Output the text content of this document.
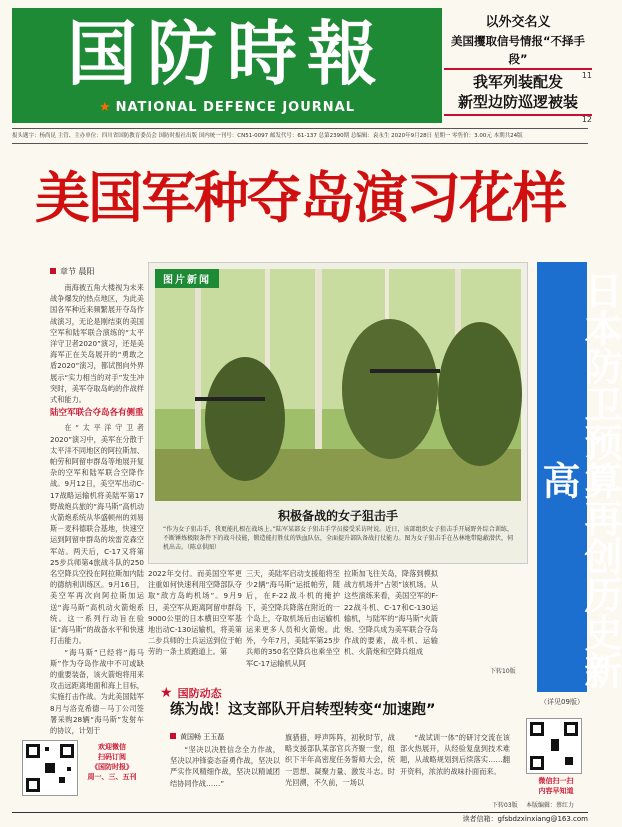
国防時報
★ NATIONAL DEFENCE JOURNAL
以外交名义
美国攫取信号情报“不择手段”
11
我军列装配发
新型边防巡逻被装
12
报头题字：杨尚昆 主管、主办单位：四川省国防教育委员会 国防时报社出版 国内统一刊号：CN51-0097 邮发代号：61-137 总第2390期 总编辑：袁永生 2020年9月28日 星期一 零售价：3.00元 本期共24版
美国军种夺岛演习花样
章节 晨阳

南海被五角大楼视为未来战争爆发的热点地区，为此美国各军种近来频繁展开夺岛作战演习，无论是刚结束的美国空军和陆军联合演练的“太平洋守卫者2020”演习，还是美海军正在关岛展开的“勇敢之盾2020”演习，都试图向外界展示“实力相当的对手”发生冲突时，美军夺取岛屿的作战样式和能力。

陆空军联合夺岛各有侧重

在“太平洋守卫者2020”演习中，美军在分散于太平洋不同地区的阿拉斯加、帕劳和阿留申群岛等地展开复杂的空军和陆军联合空降作战。9月12日，美空军出动C-17战略运输机将美陆军第17野战炮兵旅的“海马斯”高机动火箭炮系统从华盛顿州的刘易斯－麦科德联合基地，快速空运到阿留申群岛的埃雷克森空军站。两天后，C-17又将第25步兵师第4旅战斗队的250名空降兵空投在阿拉斯加内陆的德纳利训练区。9月16日，美空军再次向阿拉斯加运送“海马斯”高机动火箭炮系统。这一系列行动旨在验证“海马斯”的战备水平和快速打击能力。

“海马斯”已经将“海马斯”作为夺岛作战中不可或缺的重要装备，该火箭炮将用来攻击远距离地面和海上目标，实施打击作战。为此美国陆军8月与洛克希德－马丁公司签署采购28辆“海马斯”发射车的协议，计划于

图片新闻
积极备战的女子狙击手
“作为女子狙击手，我更能扎根在战场上。”陆军某部女子狙击手学员接受采访时说。近日，该部组织女子狙击手开展野外综合训练，不断锤炼极限条件下的战斗技能，锻造能打胜仗的铁血队伍，全面提升部队备战打仗能力。图为女子狙击手在丛林地带隐蔽潜伏，伺机出击。（陈卓供图）
2022年交付。而美国空军更注重如何快速利用空降部队夺取“敌方岛屿机场”。9月9日，美空军从距离阿留申群岛9000公里的日本横田空军基地出动C-130运输机，将美第二步兵师的士兵运送到位于帕劳的一条土质跑道上。第
三天，美陆军启动支援船将至少2辆“海马斯”运抵帕劳，随后，在F-22战斗机的掩护下，美空降兵降落在附近的一个岛上，夺取机场后由运输机运来更多人员和火箭炮。此外，今年7月，美陆军第25步兵师的350名空降兵也乘坐空军C-17运输机从阿
拉斯加飞往关岛，降落到模拟战方机场并“占领”该机场。从这些演练来看，美国空军的F-22战斗机、C-17和C-130运输机，与陆军的“海马斯”火箭炮、空降兵成为美军联合夺岛作战的要素，战斗机、运输机、火箭炮和空降兵组成
下转10版	日本防卫预算再创历史新高
（详见09版）
★ 国防动态
练为战！这支部队开启转型转变“加速跑”
黄国畅 王玉磊

“坚决以决胜信念全力作战，坚决以冲锋姿态奋勇作战，坚决以严实作风精细作战，坚决以精诚团结协同作战……”

旗猎猎，呼声阵阵，初秋时节，战略支援部队某部官兵齐聚一堂，组织下半年高密度任务誓师大会，统一思想、凝聚力量、激发斗志。时光回溯，不久前，一场以

“战试训一体”的研讨交流在该部火热展开，从经验复盘到技术难题，从战略规划到后续落实……翻开资料，浓浓的战味扑面而来。

下转03版
欢迎微信
扫码订阅
《国防时报》
周一、三、五刊	微信扫一扫
内容早知道
本版编辑：蔡红力
读者信箱：gfsbdzxinxiang@163.com
